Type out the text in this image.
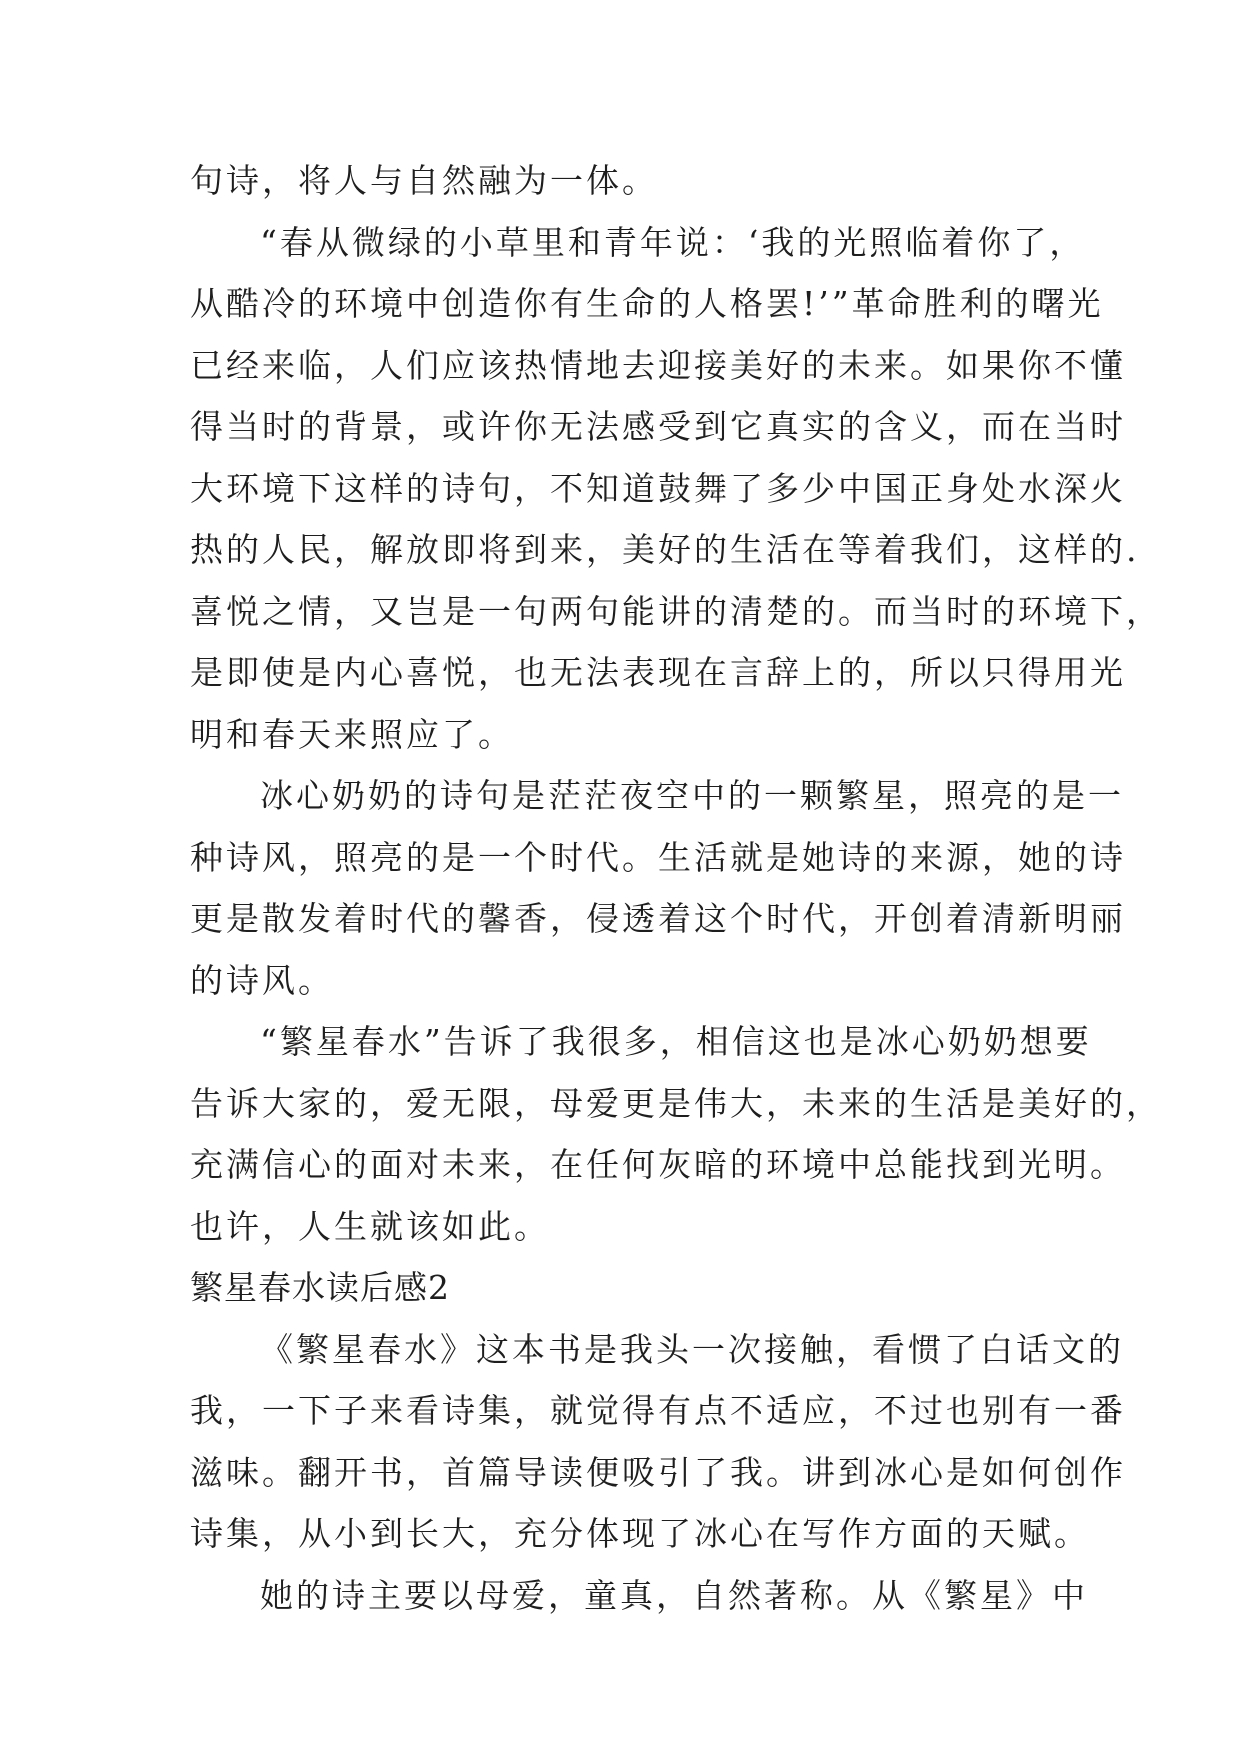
句诗，将人与自然融为一体。
“春从微绿的小草里和青年说：‘我的光照临着你了，
从酷冷的环境中创造你有生命的人格罢!’”革命胜利的曙光
已经来临，人们应该热情地去迎接美好的未来。如果你不懂
得当时的背景，或许你无法感受到它真实的含义，而在当时
大环境下这样的诗句，不知道鼓舞了多少中国正身处水深火
热的人民，解放即将到来，美好的生活在等着我们，这样的.
喜悦之情，又岂是一句两句能讲的清楚的。而当时的环境下，
是即使是内心喜悦，也无法表现在言辞上的，所以只得用光
明和春天来照应了。
冰心奶奶的诗句是茫茫夜空中的一颗繁星，照亮的是一
种诗风，照亮的是一个时代。生活就是她诗的来源，她的诗
更是散发着时代的馨香，侵透着这个时代，开创着清新明丽
的诗风。
“繁星春水”告诉了我很多，相信这也是冰心奶奶想要
告诉大家的，爱无限，母爱更是伟大，未来的生活是美好的，
充满信心的面对未来，在任何灰暗的环境中总能找到光明。
也许，人生就该如此。
繁星春水读后感2
《繁星春水》这本书是我头一次接触，看惯了白话文的
我，一下子来看诗集，就觉得有点不适应，不过也别有一番
滋味。翻开书，首篇导读便吸引了我。讲到冰心是如何创作
诗集，从小到长大，充分体现了冰心在写作方面的天赋。
她的诗主要以母爱，童真，自然著称。从《繁星》中
